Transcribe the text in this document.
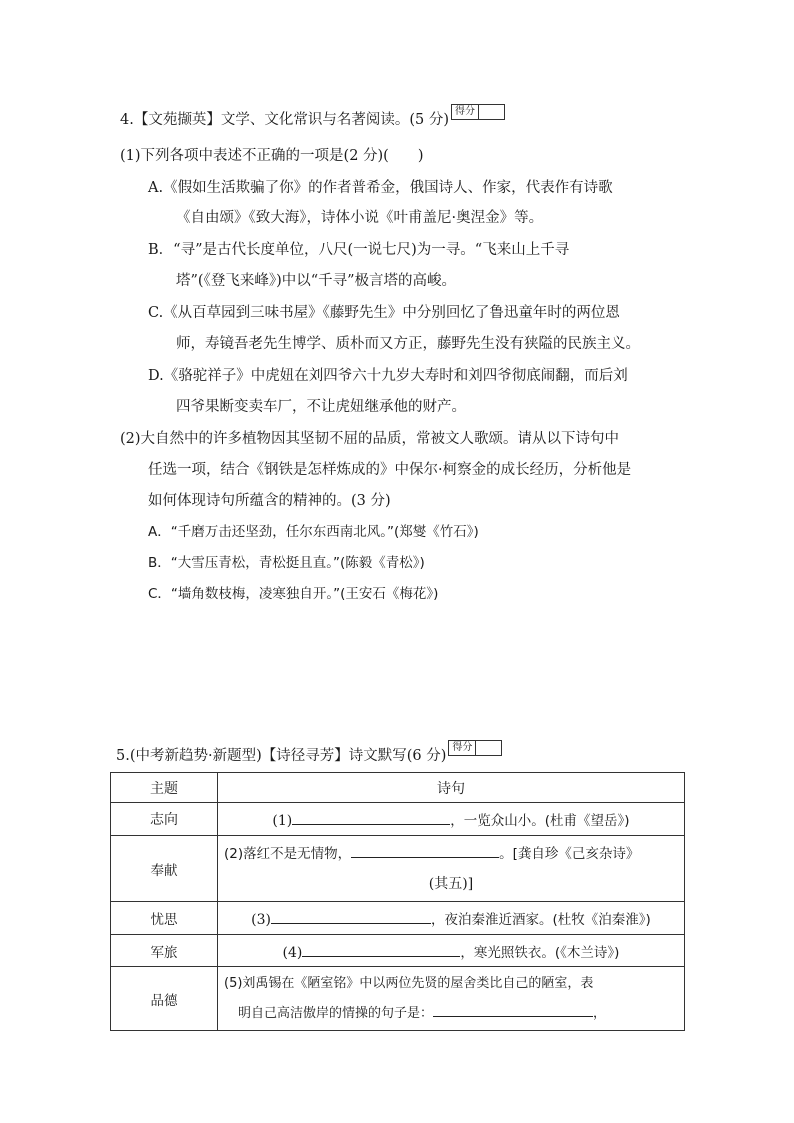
4.【文苑撷英】文学、文化常识与名著阅读。(5 分)
得分
(1)下列各项中表述不正确的一项是(2 分)(　　)
A.《假如生活欺骗了你》的作者普希金，俄国诗人、作家，代表作有诗歌
《自由颂》《致大海》，诗体小说《叶甫盖尼·奥涅金》等。
B．“寻”是古代长度单位，八尺(一说七尺)为一寻。“飞来山上千寻
塔”(《登飞来峰》)中以“千寻”极言塔的高峻。
C.《从百草园到三味书屋》《藤野先生》中分别回忆了鲁迅童年时的两位恩
师，寿镜吾老先生博学、质朴而又方正，藤野先生没有狭隘的民族主义。
D.《骆驼祥子》中虎妞在刘四爷六十九岁大寿时和刘四爷彻底闹翻，而后刘
四爷果断变卖车厂，不让虎妞继承他的财产。
(2)大自然中的许多植物因其坚韧不屈的品质，常被文人歌颂。请从以下诗句中
任选一项，结合《钢铁是怎样炼成的》中保尔·柯察金的成长经历，分析他是
如何体现诗句所蕴含的精神的。(3 分)
A．“千磨万击还坚劲，任尔东西南北风。”(郑燮《竹石》)
B．“大雪压青松，青松挺且直。”(陈毅《青松》)
C．“墙角数枝梅，凌寒独自开。”(王安石《梅花》)
5.(中考新趋势·新题型)【诗径寻芳】诗文默写(6 分)
得分
主题	诗句
志向	(1) ，一览众山小。(杜甫《望岳》)
奉献	(2)落红不是无情物， 。[龚自珍《己亥杂诗》
(其五)]

忧思	(3) ，夜泊秦淮近酒家。(杜牧《泊秦淮》)
军旅	(4) ，寒光照铁衣。(《木兰诗》)
品德	(5)刘禹锡在《陋室铭》中以两位先贤的屋舍类比自己的陋室，表
明自己高洁傲岸的情操的句子是： ，
